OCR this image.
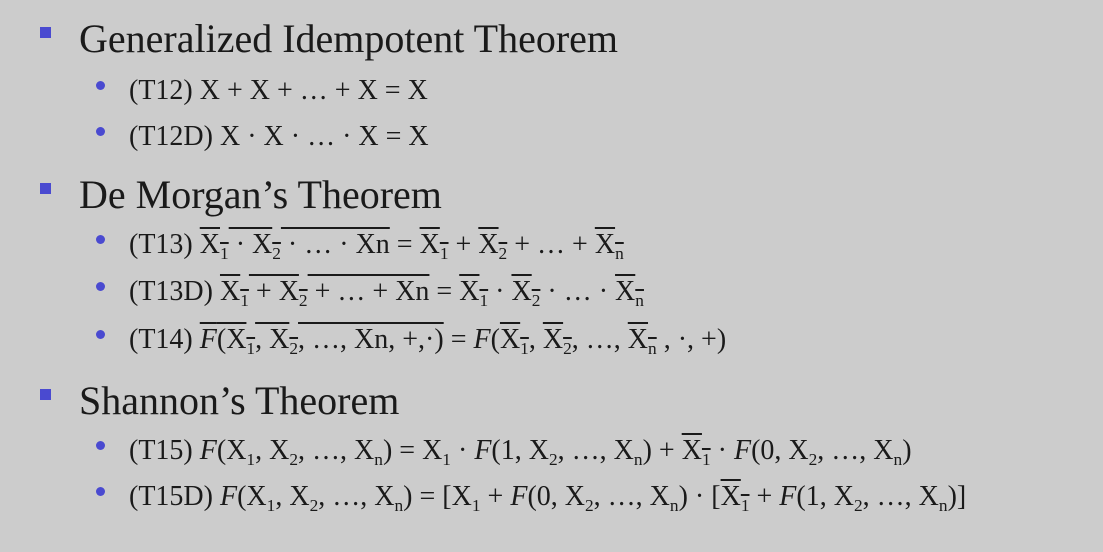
Generalized Idempotent Theorem
(T12) X + X + … + X = X
(T12D) X · X · … · X = X
De Morgan’s Theorem
(T13) $X_1 \cdot X_2$ · … · $Xn = X_1 + X_2$ + … + $X_n$
(T13D) $X_1 + X_2$ + … + $Xn = X_1 \cdot X_2$ · … · $X_n$
(T14) $F(X_1$, $X_2$, …, Xn, +,·) = $F(X_1$, $X_2$, …, $X_n$ , ·, +)
Shannon’s Theorem
(T15) $F(X_1$, $X_2$, …, $X_n) = X_1 \cdot F(1$, $X_2$, …, $X_n) + X_1 \cdot F(0$, $X_2$, …, $X_n$)
(T15D) $F(X_1$, $X_2$, …, $X_n) = [X_1 + F(0$, $X_2$, …, $X_n) \cdot [X_1 + F(1$, $X_2$, …, $X_n$)]
